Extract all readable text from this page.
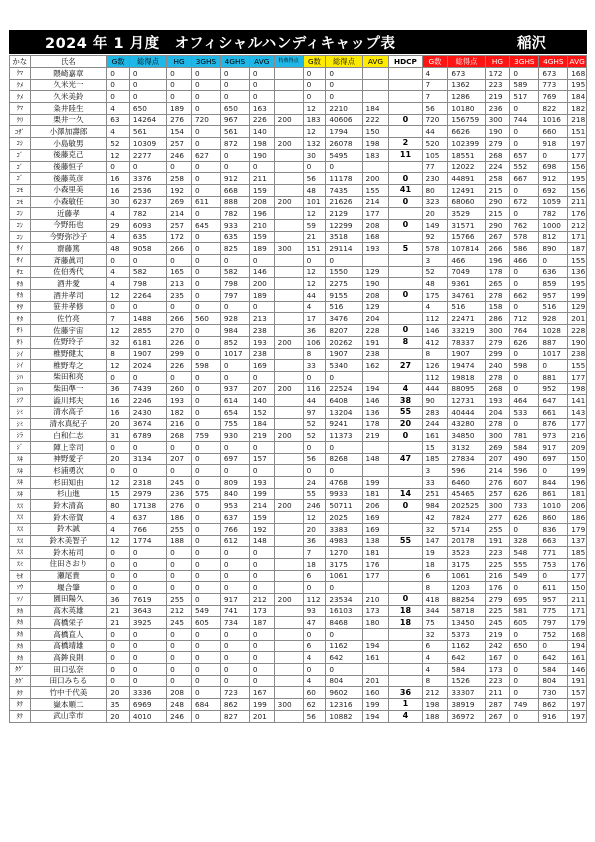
2024 年 1 月度　オフィシャルハンディキャップ表	稲沢
かな	氏名	G数	総得点	HG	3GHS	4GHS	AVG	特典得点	G数	総得点	AVG	HDCP	G数	総得点	HG	3GHS	4GHS	AVG
ｸﾏ	隈崎嘉章	0	0	0	0	0	0		0	0			4	673	172	0	673	168
ｸﾒ	久米光一	0	0	0	0	0	0		0	0			7	1362	223	589	773	195
ｸﾒ	久米美鈴	0	0	0	0	0	0		0	0			7	1286	219	517	769	184
ｸﾏ	粂井陸生	4	650	189	0	650	163		12	2210	184		56	10180	236	0	822	182
ｸﾘ	栗井一久	63	14264	276	720	967	226	200	183	40606	222	0	720	156759	300	744	1016	218
ｺｻﾞ	小澤加壽郎	4	561	154	0	561	140		12	1794	150		44	6626	190	0	660	151
ｺｼ	小島敏男	52	10309	257	0	872	198	200	132	26078	198	2	520	102399	279	0	918	197
ｺﾞ	後藤克己	12	2277	246	627	0	190		30	5495	183	11	105	18551	268	657	0	177
ｺﾞ	後藤恒子	0	0	0	0	0	0		0	0			77	12022	224	552	698	156
ｺﾞ	後藤英彦	16	3376	258	0	912	211		56	11178	200	0	230	44891	258	667	912	195
ｺﾓ	小森里美	16	2536	192	0	668	159		48	7435	155	41	80	12491	215	0	692	156
ｺﾓ	小森敏任	30	6237	269	611	888	208	200	101	21626	214	0	323	68060	290	672	1059	211
ｺﾝ	近藤孝	4	782	214	0	782	196		12	2129	177		20	3529	215	0	782	176
ｺﾝ	今野拓也	29	6093	257	645	933	210		59	12299	208	0	149	31571	290	762	1000	212
ｺﾝ	今野弥沙子	4	635	172	0	635	159		21	3518	168		92	15766	267	578	812	171
ｻｲ	齋藤篤	48	9058	266	0	825	189	300	151	29114	193	5	578	107814	266	586	890	187
ｻｲ	斉藤眞司	0	0	0	0	0	0		0	0			3	466	196	466	0	155
ｻｴ	佐伯秀代	4	582	165	0	582	146		12	1550	129		52	7049	178	0	636	136
ｻｶ	酒井愛	4	798	213	0	798	200		12	2275	190		48	9361	265	0	859	195
ｻｶ	酒井孝司	12	2264	235	0	797	189		44	9155	208	0	175	34761	278	662	957	199
ｻｻ	笹井孝修	0	0	0	0	0	0		4	516	129		4	516	158	0	516	129
ｻﾀ	佐竹亮	7	1488	266	560	928	213		17	3476	204		112	22471	286	712	928	201
ｻﾄ	佐藤宇宙	12	2855	270	0	984	238		36	8207	228	0	146	33219	300	764	1028	228
ｻﾄ	佐野玲子	32	6181	226	0	852	193	200	106	20262	191	8	412	78337	279	626	887	190
ｼｲ	椎野健太	8	1907	299	0	1017	238		8	1907	238		8	1907	299	0	1017	238
ｼｲ	椎野寿之	12	2024	226	598	0	169		33	5340	162	27	126	19474	240	598	0	155
ｼﾊ	柴田和亮	0	0	0	0	0	0		0	0			112	19818	278	0	881	177
ｼﾊ	柴田準一	36	7439	260	0	937	207	200	116	22524	194	4	444	88095	268	0	952	198
ｼﾌ	澁川邦夫	16	2246	193	0	614	140		44	6408	146	38	90	12731	193	464	647	141
ｼﾐ	清水高子	16	2430	182	0	654	152		97	13204	136	55	283	40444	204	533	661	143
ｼﾐ	清水真紀子	20	3674	216	0	755	184		52	9241	178	20	244	43280	278	0	876	177
ｼﾗ	白和仁志	31	6789	268	759	930	219	200	52	11373	219	0	161	34850	300	781	973	216
ｼﾞ	陣上幸司	0	0	0	0	0	0		0	0			15	3132	269	584	917	209
ｽｷ	神野愛子	20	3134	207	0	697	157		56	8268	148	47	185	27834	207	490	697	150
ｽｷ	杉浦勇次	0	0	0	0	0	0		0	0			3	596	214	596	0	199
ｽｷ	杉田知由	12	2318	245	0	809	193		24	4768	199		33	6460	276	607	844	196
ｽｷ	杉山進	15	2979	236	575	840	199		55	9933	181	14	251	45465	257	626	861	181
ｽｽ	鈴木清高	80	17138	276	0	953	214	200	246	50711	206	0	984	202525	300	733	1010	206
ｽｽ	鈴木帝賀	4	637	186	0	637	159		12	2025	169		42	7824	277	626	860	186
ｽｽ	鈴木誠	4	766	255	0	766	192		20	3383	169		32	5714	255	0	836	179
ｽｽ	鈴木美智子	12	1774	188	0	612	148		36	4983	138	55	147	20178	191	328	663	137
ｽｽ	鈴木祐司	0	0	0	0	0	0		7	1270	181		19	3523	223	548	771	185
ｽﾐ	住田さおり	0	0	0	0	0	0		18	3175	176		18	3175	225	555	753	176
ｾｵ	瀬尾貴	0	0	0	0	0	0		6	1061	177		6	1061	216	549	0	177
ｿｳ	堰合肇	0	0	0	0	0	0		0	0			8	1203	176	0	611	150
ｿﾉ	園田陽久	36	7619	255	0	917	212	200	112	23534	210	0	418	88254	279	695	957	211
ﾀｶ	高木英雄	21	3643	212	549	741	173		93	16103	173	18	344	58718	225	581	775	171
ﾀｶ	高橋栄子	21	3925	245	605	734	187		47	8468	180	18	75	13450	245	605	797	179
ﾀｶ	高橋直人	0	0	0	0	0	0		0	0			32	5373	219	0	752	168
ﾀｶ	高橋靖雄	0	0	0	0	0	0		6	1162	194		6	1162	242	650	0	194
ﾀｶ	高鉾良則	0	0	0	0	0	0		4	642	161		4	642	167	0	642	161
ﾀｸﾞ	田口弘奈	0	0	0	0	0	0		0	0			4	584	173	0	584	146
ﾀｸﾞ	田口みちる	0	0	0	0	0	0		4	804	201		8	1526	223	0	804	191
ﾀｹ	竹中千代美	20	3336	208	0	723	167		60	9602	160	36	212	33307	211	0	730	157
ﾀｹ	嶽本順二	35	6969	248	684	862	199	300	62	12316	199	1	198	38919	287	749	862	197
ﾀｹ	武山幸市	20	4010	246	0	827	201		56	10882	194	4	188	36972	267	0	916	197
